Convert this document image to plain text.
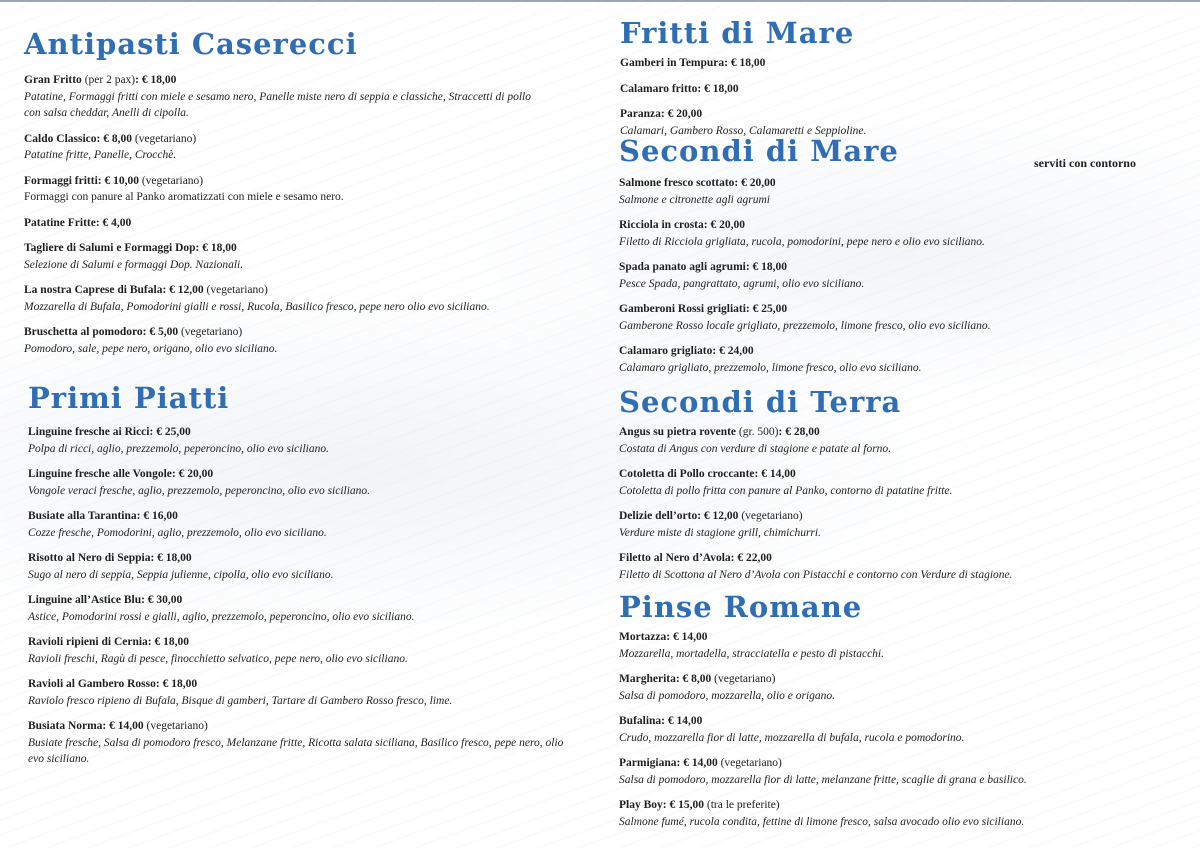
Antipasti Caserecci
Gran Fritto (per 2 pax): € 18,00
Patatine, Formaggi fritti con miele e sesamo nero, Panelle miste nero di seppia e classiche, Straccetti di pollo con salsa cheddar, Anelli di cipolla.
Caldo Classico: € 8,00 (vegetariano)
Patatine fritte, Panelle, Crocchè.
Formaggi fritti: € 10,00 (vegetariano)
Formaggi con panure al Panko aromatizzati con miele e sesamo nero.
Patatine Fritte: € 4,00
Tagliere di Salumi e Formaggi Dop: € 18,00
Selezione di Salumi e formaggi Dop. Nazionali.
La nostra Caprese di Bufala: € 12,00 (vegetariano)
Mozzarella di Bufala, Pomodorini gialli e rossi, Rucola, Basilico fresco, pepe nero olio evo siciliano.
Bruschetta al pomodoro: € 5,00 (vegetariano)
Pomodoro, sale, pepe nero, origano, olio evo siciliano.
Primi Piatti
Linguine fresche ai Ricci: € 25,00
Polpa di ricci, aglio, prezzemolo, peperoncino, olio evo siciliano.
Linguine fresche alle Vongole: € 20,00
Vongole veraci fresche, aglio, prezzemolo, peperoncino, olio evo siciliano.
Busiate alla Tarantina: € 16,00
Cozze fresche, Pomodorini, aglio, prezzemolo, olio evo siciliano.
Risotto al Nero di Seppia: € 18,00
Sugo al nero di seppia, Seppia julienne, cipolla, olio evo siciliano.
Linguine all’Astice Blu: € 30,00
Astice, Pomodorini rossi e gialli, aglio, prezzemolo, peperoncino, olio evo siciliano.
Ravioli ripieni di Cernia: € 18,00
Ravioli freschi, Ragù di pesce, finocchietto selvatico, pepe nero, olio evo siciliano.
Ravioli al Gambero Rosso: € 18,00
Raviolo fresco ripieno di Bufala, Bisque di gamberi, Tartare di Gambero Rosso fresco, lime.
Busiata Norma: € 14,00 (vegetariano)
Busiate fresche, Salsa di pomodoro fresco, Melanzane fritte, Ricotta salata siciliana, Basilico fresco, pepe nero, olio evo siciliano.
Fritti di Mare
Gamberi in Tempura: € 18,00
Calamaro fritto: € 18,00
Paranza: € 20,00
Calamari, Gambero Rosso, Calamaretti e Seppioline.
Secondi di Mare
Salmone fresco scottato: € 20,00
Salmone e citronette agli agrumi
Ricciola in crosta: € 20,00
Filetto di Ricciola grigliata, rucola, pomodorini, pepe nero e olio evo siciliano.
Spada panato agli agrumi: € 18,00
Pesce Spada, pangrattato, agrumi, olio evo siciliano.
Gamberoni Rossi grigliati: € 25,00
Gamberone Rosso locale grigliato, prezzemolo, limone fresco, olio evo siciliano.
Calamaro grigliato: € 24,00
Calamaro grigliato, prezzemolo, limone fresco, olio evo siciliano.
serviti con contorno
Secondi di Terra
Angus su pietra rovente (gr. 500): € 28,00
Costata di Angus con verdure di stagione e patate al forno.
Cotoletta di Pollo croccante: € 14,00
Cotoletta di pollo fritta con panure al Panko, contorno di patatine fritte.
Delizie dell’orto: € 12,00 (vegetariano)
Verdure miste di stagione grill, chimichurri.
Filetto al Nero d’Avola: € 22,00
Filetto di Scottona al Nero d’Avola con Pistacchi e contorno con Verdure di stagione.
Pinse Romane
Mortazza: € 14,00
Mozzarella, mortadella, stracciatella e pesto di pistacchi.
Margherita: € 8,00 (vegetariano)
Salsa di pomodoro, mozzarella, olio e origano.
Bufalina: € 14,00
Crudo, mozzarella fior di latte, mozzarella di bufala, rucola e pomodorino.
Parmigiana: € 14,00 (vegetariano)
Salsa di pomodoro, mozzarella fior di latte, melanzane fritte, scaglie di grana e basilico.
Play Boy: € 15,00 (tra le preferite)
Salmone fumé, rucola condita, fettine di limone fresco, salsa avocado olio evo siciliano.
